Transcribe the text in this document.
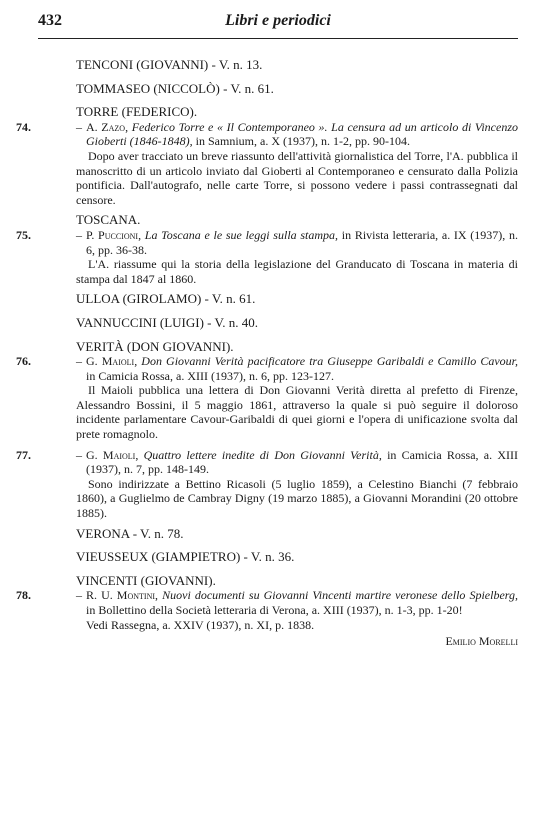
432	Libri e periodici
TENCONI (GIOVANNI) - V. n. 13.
TOMMASEO (NICCOLÒ) - V. n. 61.
TORRE (FEDERICO).
74.	– A. Zazo, Federico Torre e « Il Contemporaneo ». La censura ad un articolo di Vincenzo Gioberti (1846-1848), in Samnium, a. X (1937), n. 1-2, pp. 90-104.
Dopo aver tracciato un breve riassunto dell'attività giornalistica del Torre, l'A. pubblica il manoscritto di un articolo inviato dal Gioberti al Contemporaneo e censurato dalla Polizia pontificia. Dall'autografo, nelle carte Torre, si possono vedere i passi contrassegnati dal censore.
TOSCANA.
75.	– P. Puccioni, La Toscana e le sue leggi sulla stampa, in Rivista letteraria, a. IX (1937), n. 6, pp. 36-38.
L'A. riassume qui la storia della legislazione del Granducato di Toscana in materia di stampa dal 1847 al 1860.
ULLOA (GIROLAMO) - V. n. 61.
VANNUCCINI (LUIGI) - V. n. 40.
VERITÀ (DON GIOVANNI).
76.	– G. Maioli, Don Giovanni Verità pacificatore tra Giuseppe Garibaldi e Camillo Cavour, in Camicia Rossa, a. XIII (1937), n. 6, pp. 123-127.
Il Maioli pubblica una lettera di Don Giovanni Verità diretta al prefetto di Firenze, Alessandro Bossini, il 5 maggio 1861, attraverso la quale si può seguire il doloroso incidente parlamentare Cavour-Garibaldi di quei giorni e l'opera di unificazione svolta dal prete romagnolo.
77.	– G. Maioli, Quattro lettere inedite di Don Giovanni Verità, in Camicia Rossa, a. XIII (1937), n. 7, pp. 148-149.
Sono indirizzate a Bettino Ricasoli (5 luglio 1859), a Celestino Bianchi (7 febbraio 1860), a Guglielmo de Cambray Digny (19 marzo 1885), a Giovanni Morandini (20 ottobre 1885).
VERONA - V. n. 78.
VIEUSSEUX (GIAMPIETRO) - V. n. 36.
VINCENTI (GIOVANNI).
78.	– R. U. Montini, Nuovi documenti su Giovanni Vincenti martire veronese dello Spielberg, in Bollettino della Società letteraria di Verona, a. XIII (1937), n. 1-3, pp. 1-20!
Vedi Rassegna, a. XXIV (1937), n. XI, p. 1838.
Emilio Morelli
